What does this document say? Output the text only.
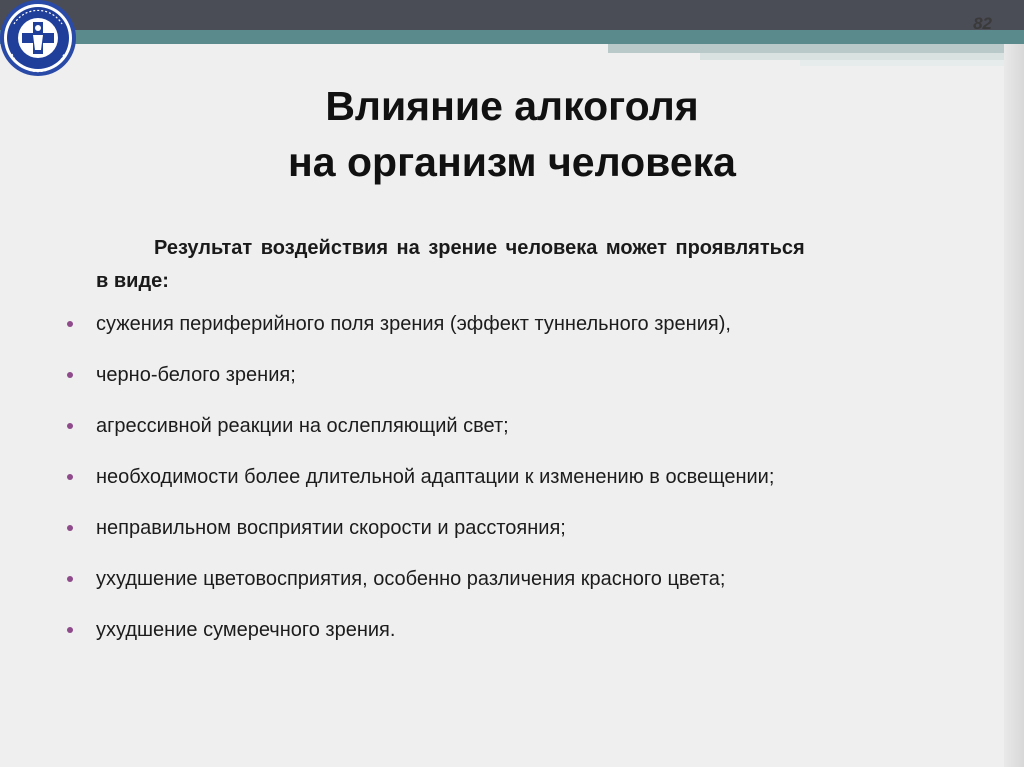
82
Влияние алкоголя
на организм человека
Результат воздействия на зрение человека может проявляться
в виде:
сужения периферийного поля зрения (эффект туннельного зрения),
черно-белого зрения;
агрессивной реакции на ослепляющий свет;
необходимости более длительной адаптации к изменению в освещении;
неправильном восприятии скорости и расстояния;
ухудшение цветовосприятия, особенно различения красного цвета;
ухудшение сумеречного зрения.
